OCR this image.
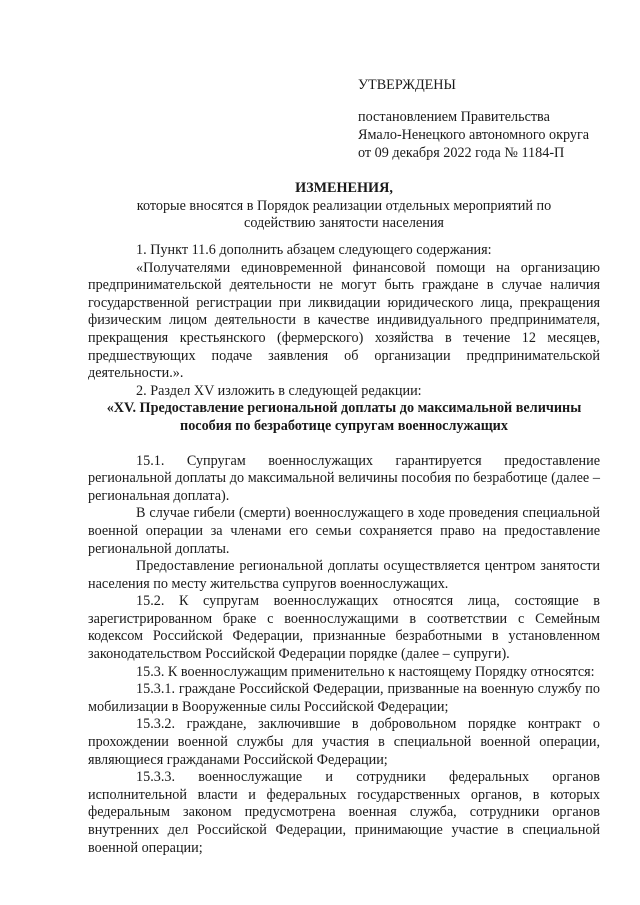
УТВЕРЖДЕНЫ
постановлением Правительства
Ямало-Ненецкого автономного округа
от 09 декабря 2022 года № 1184-П
ИЗМЕНЕНИЯ,
которые вносятся в Порядок реализации отдельных мероприятий по
содействию занятости населения

1. Пункт 11.6 дополнить абзацем следующего содержания:

«Получателями единовременной финансовой помощи на организацию предпринимательской деятельности не могут быть граждане в случае наличия государственной регистрации при ликвидации юридического лица, прекращения физическим лицом деятельности в качестве индивидуального предпринимателя, прекращения крестьянского (фермерского) хозяйства в течение 12 месяцев, предшествующих подаче заявления об организации предпринимательской деятельности.».

2. Раздел XV изложить в следующей редакции:

«XV. Предоставление региональной доплаты до максимальной величины
пособия по безработице супругам военнослужащих

15.1. Супругам военнослужащих гарантируется предоставление региональной доплаты до максимальной величины пособия по безработице (далее – региональная доплата).

В случае гибели (смерти) военнослужащего в ходе проведения специальной военной операции за членами его семьи сохраняется право на предоставление региональной доплаты.

Предоставление региональной доплаты осуществляется центром занятости населения по месту жительства супругов военнослужащих.

15.2. К супругам военнослужащих относятся лица, состоящие в зарегистрированном браке с военнослужащими в соответствии с Семейным кодексом Российской Федерации, признанные безработными в установленном законодательством Российской Федерации порядке (далее – супруги).

15.3. К военнослужащим применительно к настоящему Порядку относятся:

15.3.1. граждане Российской Федерации, призванные на военную службу по мобилизации в Вооруженные силы Российской Федерации;

15.3.2. граждане, заключившие в добровольном порядке контракт о прохождении военной службы для участия в специальной военной операции, являющиеся гражданами Российской Федерации;

15.3.3. военнослужащие и сотрудники федеральных органов исполнительной власти и федеральных государственных органов, в которых федеральным законом предусмотрена военная служба, сотрудники органов внутренних дел Российской Федерации, принимающие участие в специальной военной операции;
